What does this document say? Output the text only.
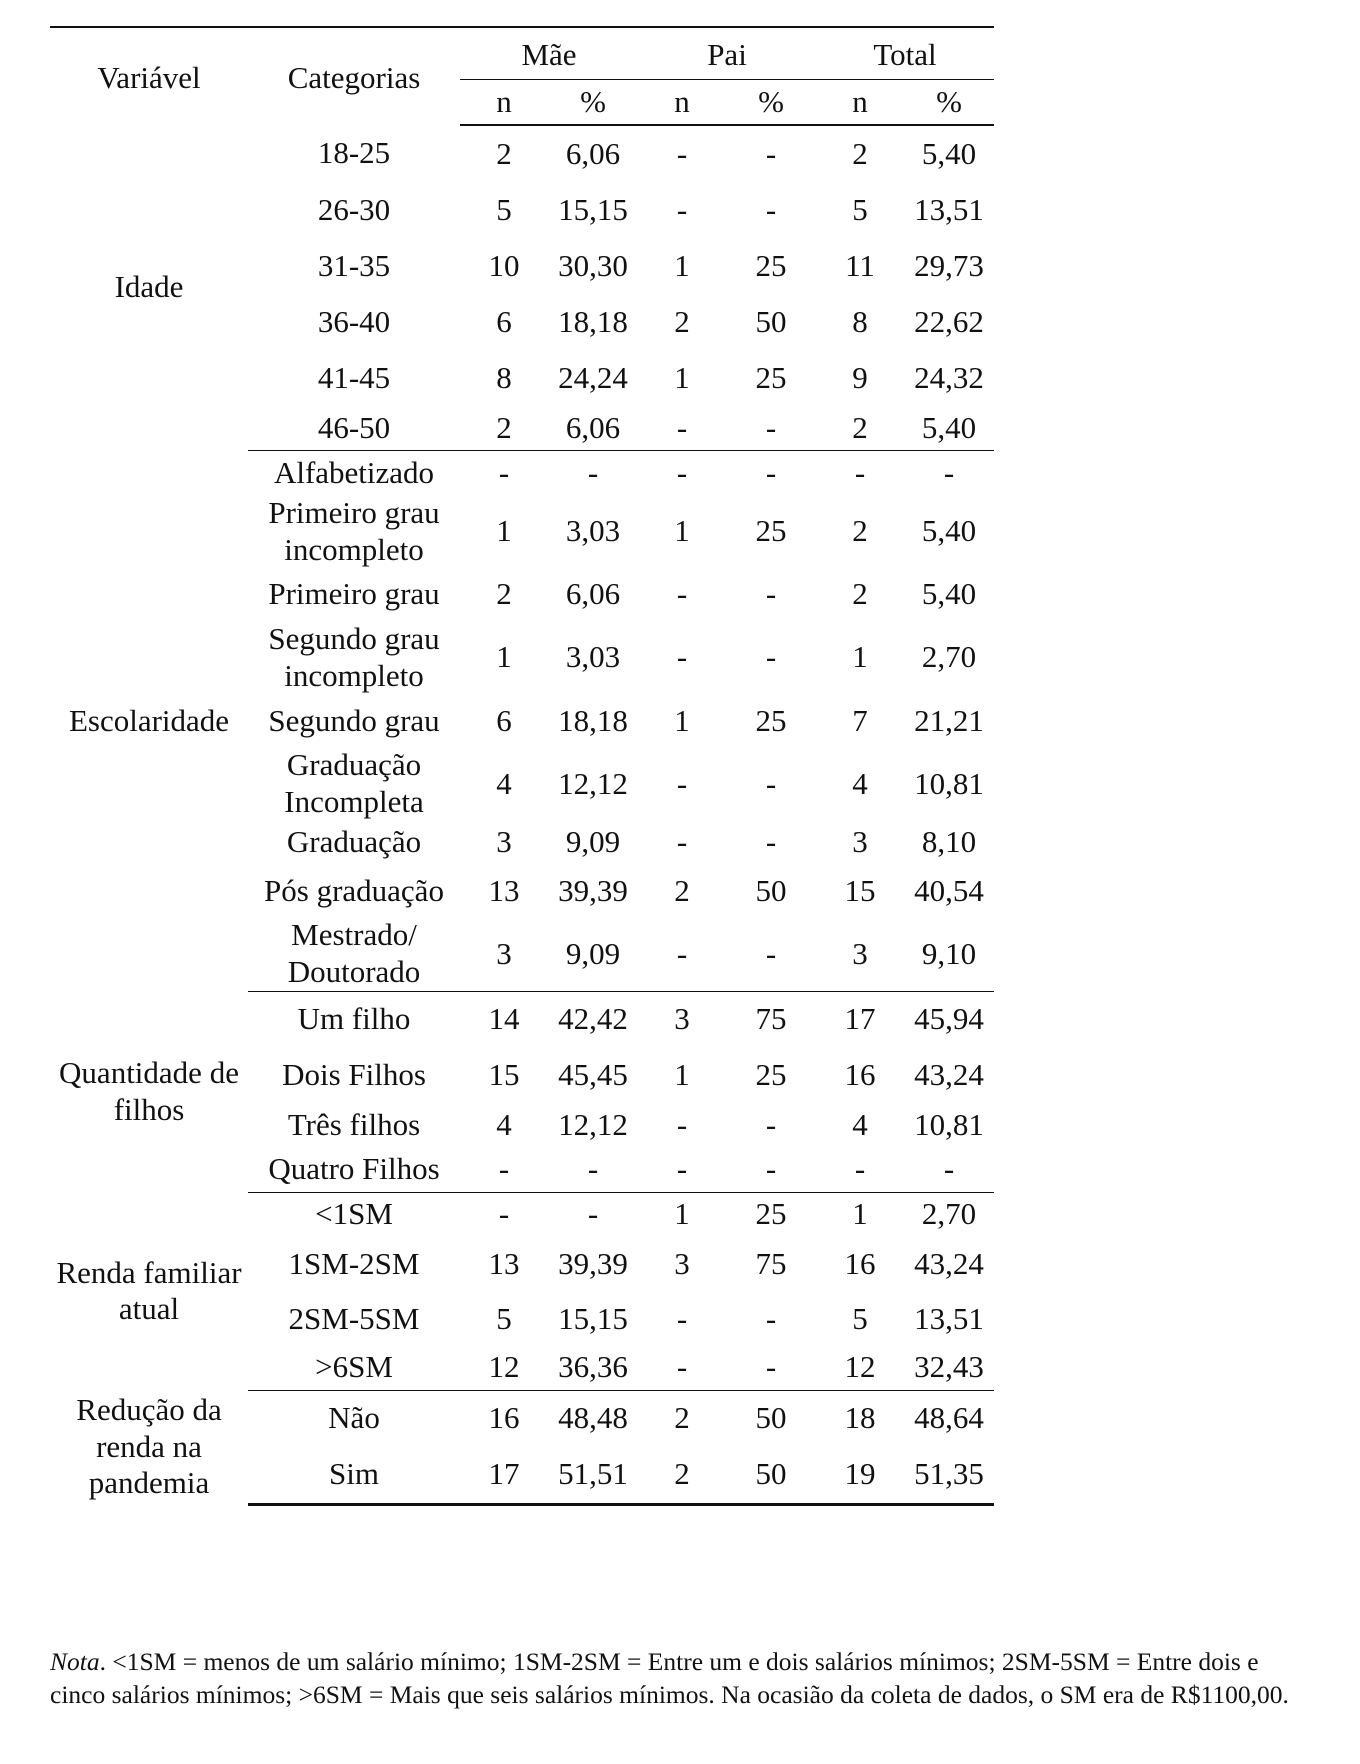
Variável	Categorias	Mãe		Pai		Total	
		n	%	n	%	n	%
Idade	18-25	2	6,06	-	-	2	5,40
	26-30	5	15,15	-	-	5	13,51
	31-35	10	30,30	1	25	11	29,73
	36-40	6	18,18	2	50	8	22,62
	41-45	8	24,24	1	25	9	24,32
	46-50	2	6,06	-	-	2	5,40
Escolaridade	Alfabetizado	-	-	-	-	-	-
	Primeiro grau incompleto	1	3,03	1	25	2	5,40
	Primeiro grau	2	6,06	-	-	2	5,40
	Segundo grau incompleto	1	3,03	-	-	1	2,70
	Segundo grau	6	18,18	1	25	7	21,21
	Graduação Incompleta	4	12,12	-	-	4	10,81
	Graduação	3	9,09	-	-	3	8,10
	Pós graduação	13	39,39	2	50	15	40,54
	Mestrado/ Doutorado	3	9,09	-	-	3	9,10
Quantidade de filhos	Um filho	14	42,42	3	75	17	45,94
	Dois Filhos	15	45,45	1	25	16	43,24
	Três filhos	4	12,12	-	-	4	10,81
	Quatro Filhos	-	-	-	-	-	-
Renda familiar atual	<1SM	-	-	1	25	1	2,70
	1SM-2SM	13	39,39	3	75	16	43,24
	2SM-5SM	5	15,15	-	-	5	13,51
	>6SM	12	36,36	-	-	12	32,43
Redução da renda na pandemia	Não	16	48,48	2	50	18	48,64
	Sim	17	51,51	2	50	19	51,35

Nota. <1SM = menos de um salário mínimo; 1SM-2SM = Entre um e dois salários mínimos; 2SM-5SM = Entre dois e cinco salários mínimos; >6SM = Mais que seis salários mínimos. Na ocasião da coleta de dados, o SM era de R$1100,00.
